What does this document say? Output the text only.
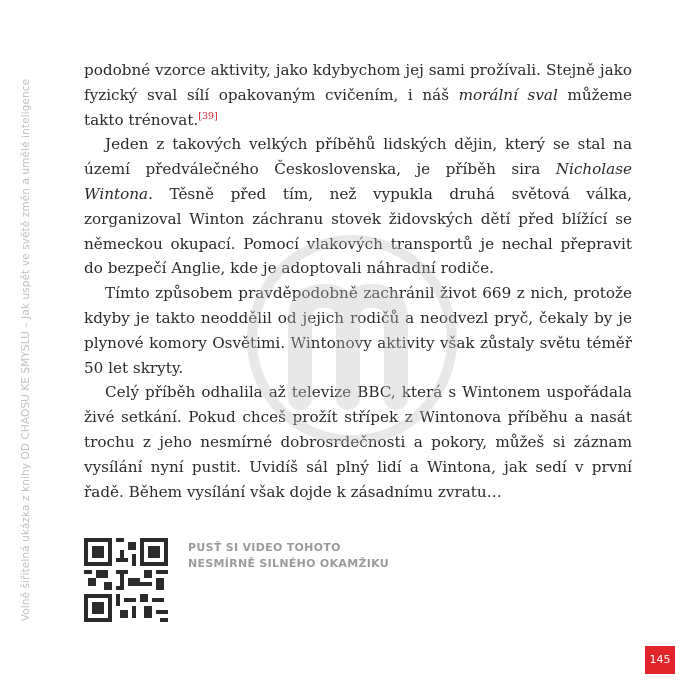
Volně šiřitelná ukázka z knihy OD CHAOSU KE SMYSLU – Jak uspět ve světě změn a umělé inteligence

podobné vzorce aktivity, jako kdybychom jej sami prožívali. Stejně jako fyzický sval sílí opakovaným cvičením, i náš morální sval můžeme takto trénovat.[39]

Jeden z takových velkých příběhů lidských dějin, který se stal na území předválečného Československa, je příběh sira Nicholase Wintona. Těsně před tím, než vypukla druhá světová válka, zorganizoval Winton záchranu stovek židovských dětí před blížící se německou okupací. Pomocí vlakových transportů je nechal přepravit do bezpečí Anglie, kde je adoptovali náhradní rodiče.

Tímto způsobem pravděpodobně zachránil život 669 z nich, protože kdyby je takto neoddělil od jejich rodičů a neodvezl pryč, čekaly by je plynové komory Osvětimi. Wintonovy aktivity však zůstaly světu téměř 50 let skryty.

Celý příběh odhalila až televize BBC, která s Wintonem uspořádala živé setkání. Pokud chceš prožít střípek z Wintonova příběhu a nasát trochu z jeho nesmírné dobrosrdečnosti a pokory, můžeš si záznam vysílání nyní pustit. Uvidíš sál plný lidí a Wintona, jak sedí v první řadě. Během vysílání však dojde k zásadnímu zvratu…

PUSŤ SI VIDEO TOHOTO
NESMÍRNĚ SILNÉHO OKAMŽIKU
145
